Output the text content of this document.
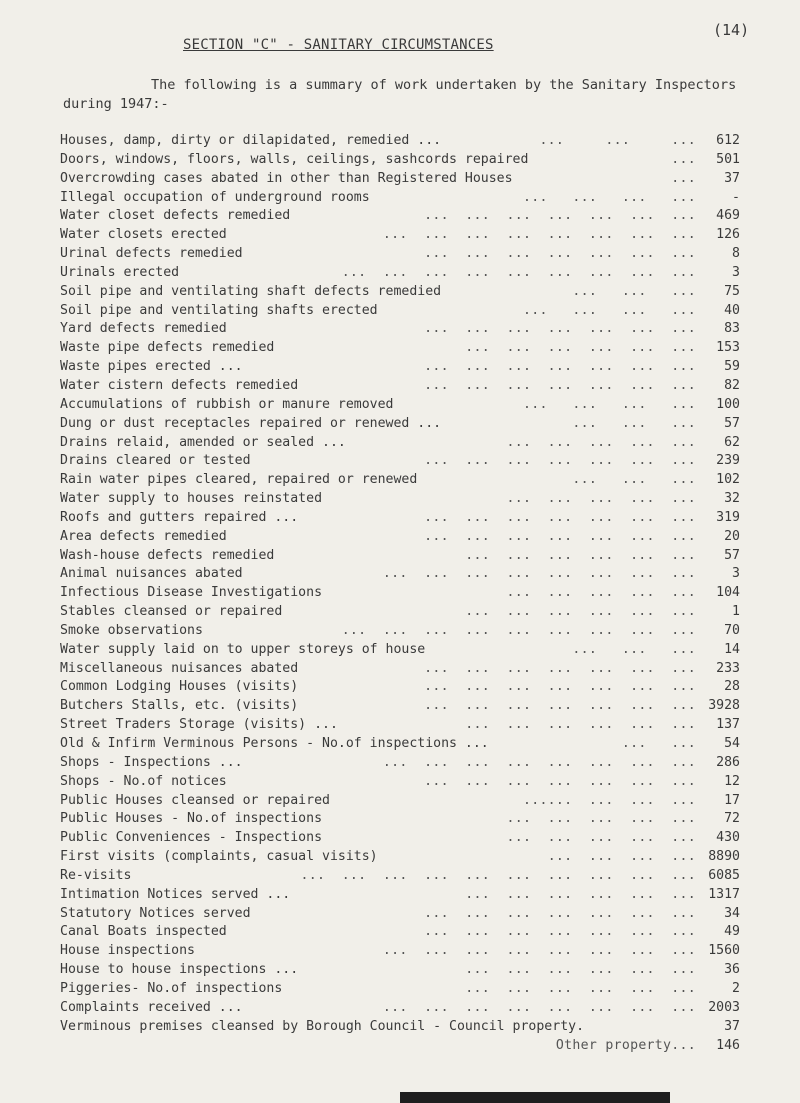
(14)
SECTION "C" - SANITARY CIRCUMSTANCES
The following is a summary of work undertaken by the Sanitary Inspectors during 1947:-
Houses, damp, dirty or dilapidated, remedied ...	...     ...     ...	612
Doors, windows, floors, walls, ceilings, sashcords repaired	...	501
Overcrowding cases abated in other than Registered Houses	...	37
Illegal occupation of underground rooms	...   ...   ...   ...	-
Water closet defects remedied	...  ...  ...  ...  ...  ...  ...	469
Water closets erected	...  ...  ...  ...  ...  ...  ...  ...	126
Urinal defects remedied	...  ...  ...  ...  ...  ...  ...	8
Urinals erected	...  ...  ...  ...  ...  ...  ...  ...  ...	3
Soil pipe and ventilating shaft defects remedied	...   ...   ...	75
Soil pipe and ventilating shafts erected	...   ...   ...   ...	40
Yard defects remedied	...  ...  ...  ...  ...  ...  ...	83
Waste pipe defects remedied	...  ...  ...  ...  ...  ...	153
Waste pipes erected ...	...  ...  ...  ...  ...  ...  ...	59
Water cistern defects remedied	...  ...  ...  ...  ...  ...  ...	82
Accumulations of rubbish or manure removed	...   ...   ...   ...	100
Dung or dust receptacles repaired or renewed ...	...   ...   ...	57
Drains relaid, amended or sealed ...	...  ...  ...  ...  ...	62
Drains cleared or tested	...  ...  ...  ...  ...  ...  ...	239
Rain water pipes cleared, repaired or renewed	...   ...   ...	102
Water supply to houses reinstated	...  ...  ...  ...  ...	32
Roofs and gutters repaired ...	...  ...  ...  ...  ...  ...  ...	319
Area defects remedied	...  ...  ...  ...  ...  ...  ...	20
Wash-house defects remedied	...  ...  ...  ...  ...  ...	57
Animal nuisances abated	...  ...  ...  ...  ...  ...  ...  ...	3
Infectious Disease Investigations	...  ...  ...  ...  ...	104
Stables cleansed or repaired	...  ...  ...  ...  ...  ...	1
Smoke observations	...  ...  ...  ...  ...  ...  ...  ...  ...	70
Water supply laid on to upper storeys of house	...   ...   ...	14
Miscellaneous nuisances abated	...  ...  ...  ...  ...  ...  ...	233
Common Lodging Houses (visits)	...  ...  ...  ...  ...  ...  ...	28
Butchers Stalls, etc. (visits)	...  ...  ...  ...  ...  ...  ... 3928
Street Traders Storage (visits) ...	...  ...  ...  ...  ...  ...	137
Old & Infirm Verminous Persons - No.of inspections ...	...   ...	54
Shops - Inspections ...	...  ...  ...  ...  ...  ...  ...  ...	286
Shops - No.of notices	...  ...  ...  ...  ...  ...  ...	12
Public Houses cleansed or repaired	......  ...  ...  ...	17
Public Houses - No.of inspections	...  ...  ...  ...  ...	72
Public Conveniences - Inspections	...  ...  ...  ...  ...	430
First visits (complaints, casual visits)	...  ...  ...  ... 8890
Re-visits	...  ...  ...  ...  ...  ...  ...  ...  ...  ... 6085
Intimation Notices served ...	...  ...  ...  ...  ...  ... 1317
Statutory Notices served	...  ...  ...  ...  ...  ...  ...	34
Canal Boats inspected	...  ...  ...  ...  ...  ...  ...	49
House inspections	...  ...  ...  ...  ...  ...  ...  ... 1560
House to house inspections ...	...  ...  ...  ...  ...  ...	36
Piggeries- No.of inspections	...  ...  ...  ...  ...  ...	2
Complaints received ...	...  ...  ...  ...  ...  ...  ...  ... 2003
Verminous premises cleansed by Borough Council - Council property.	37
Other property...	146
